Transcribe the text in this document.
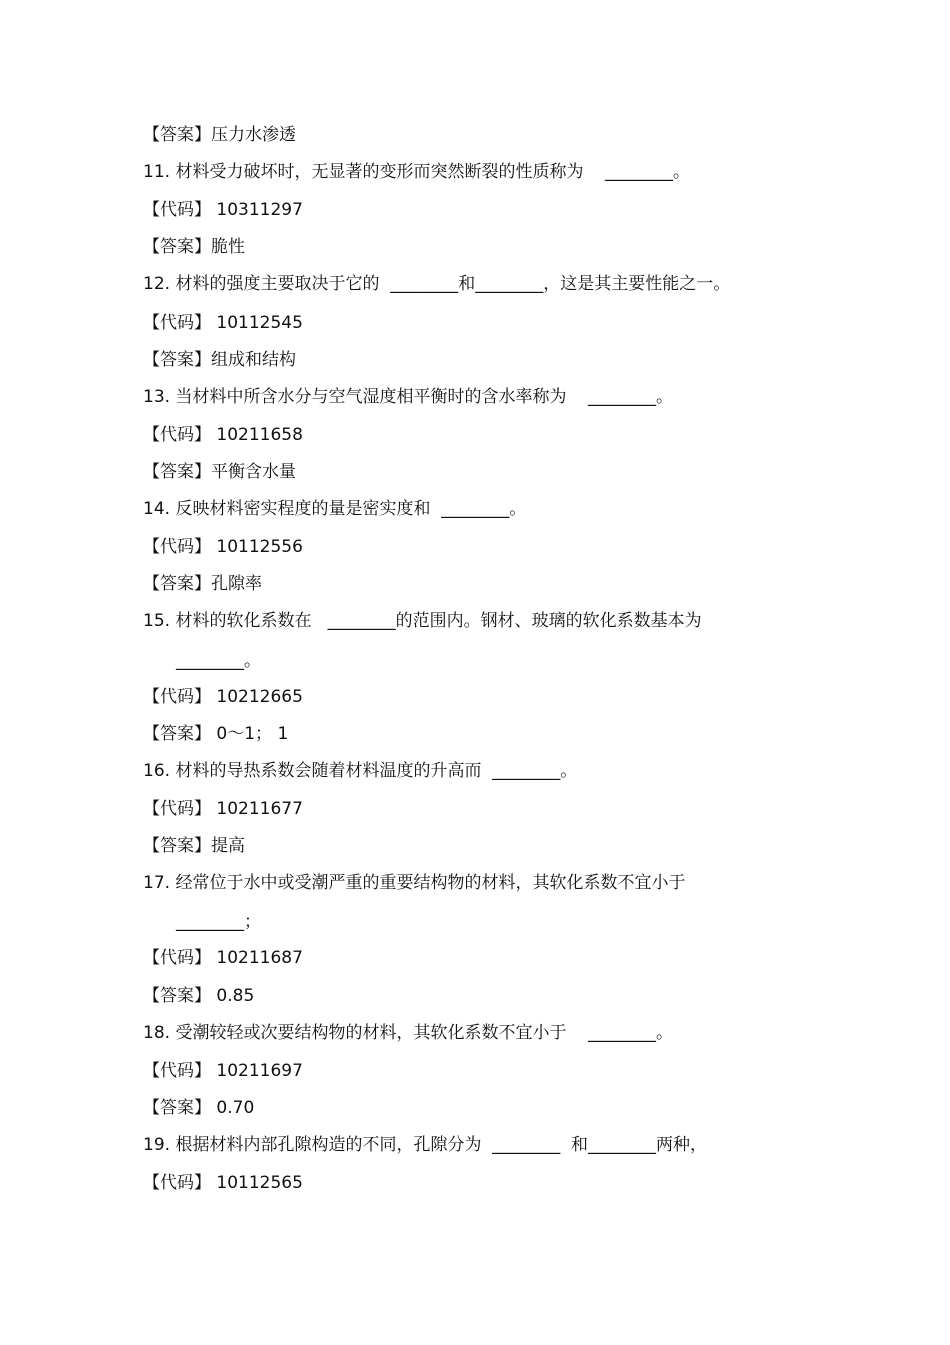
【答案】压力水渗透
11. 材料受力破坏时，无显著的变形而突然断裂的性质称为    ________。
【代码】 10311297
【答案】脆性
12. 材料的强度主要取决于它的  ________和________，这是其主要性能之一。
【代码】 10112545
【答案】组成和结构
13. 当材料中所含水分与空气湿度相平衡时的含水率称为    ________。
【代码】 10211658
【答案】平衡含水量
14. 反映材料密实程度的量是密实度和  ________。
【代码】 10112556
【答案】孔隙率
15. 材料的软化系数在   ________的范围内。钢材、玻璃的软化系数基本为
________。
【代码】 10212665
【答案】 0～1； 1
16. 材料的导热系数会随着材料温度的升高而  ________。
【代码】 10211677
【答案】提高
17. 经常位于水中或受潮严重的重要结构物的材料，其软化系数不宜小于
________；
【代码】 10211687
【答案】 0.85
18. 受潮较轻或次要结构物的材料，其软化系数不宜小于    ________。
【代码】 10211697
【答案】 0.70
19. 根据材料内部孔隙构造的不同，孔隙分为  ________  和________两种，
【代码】 10112565
